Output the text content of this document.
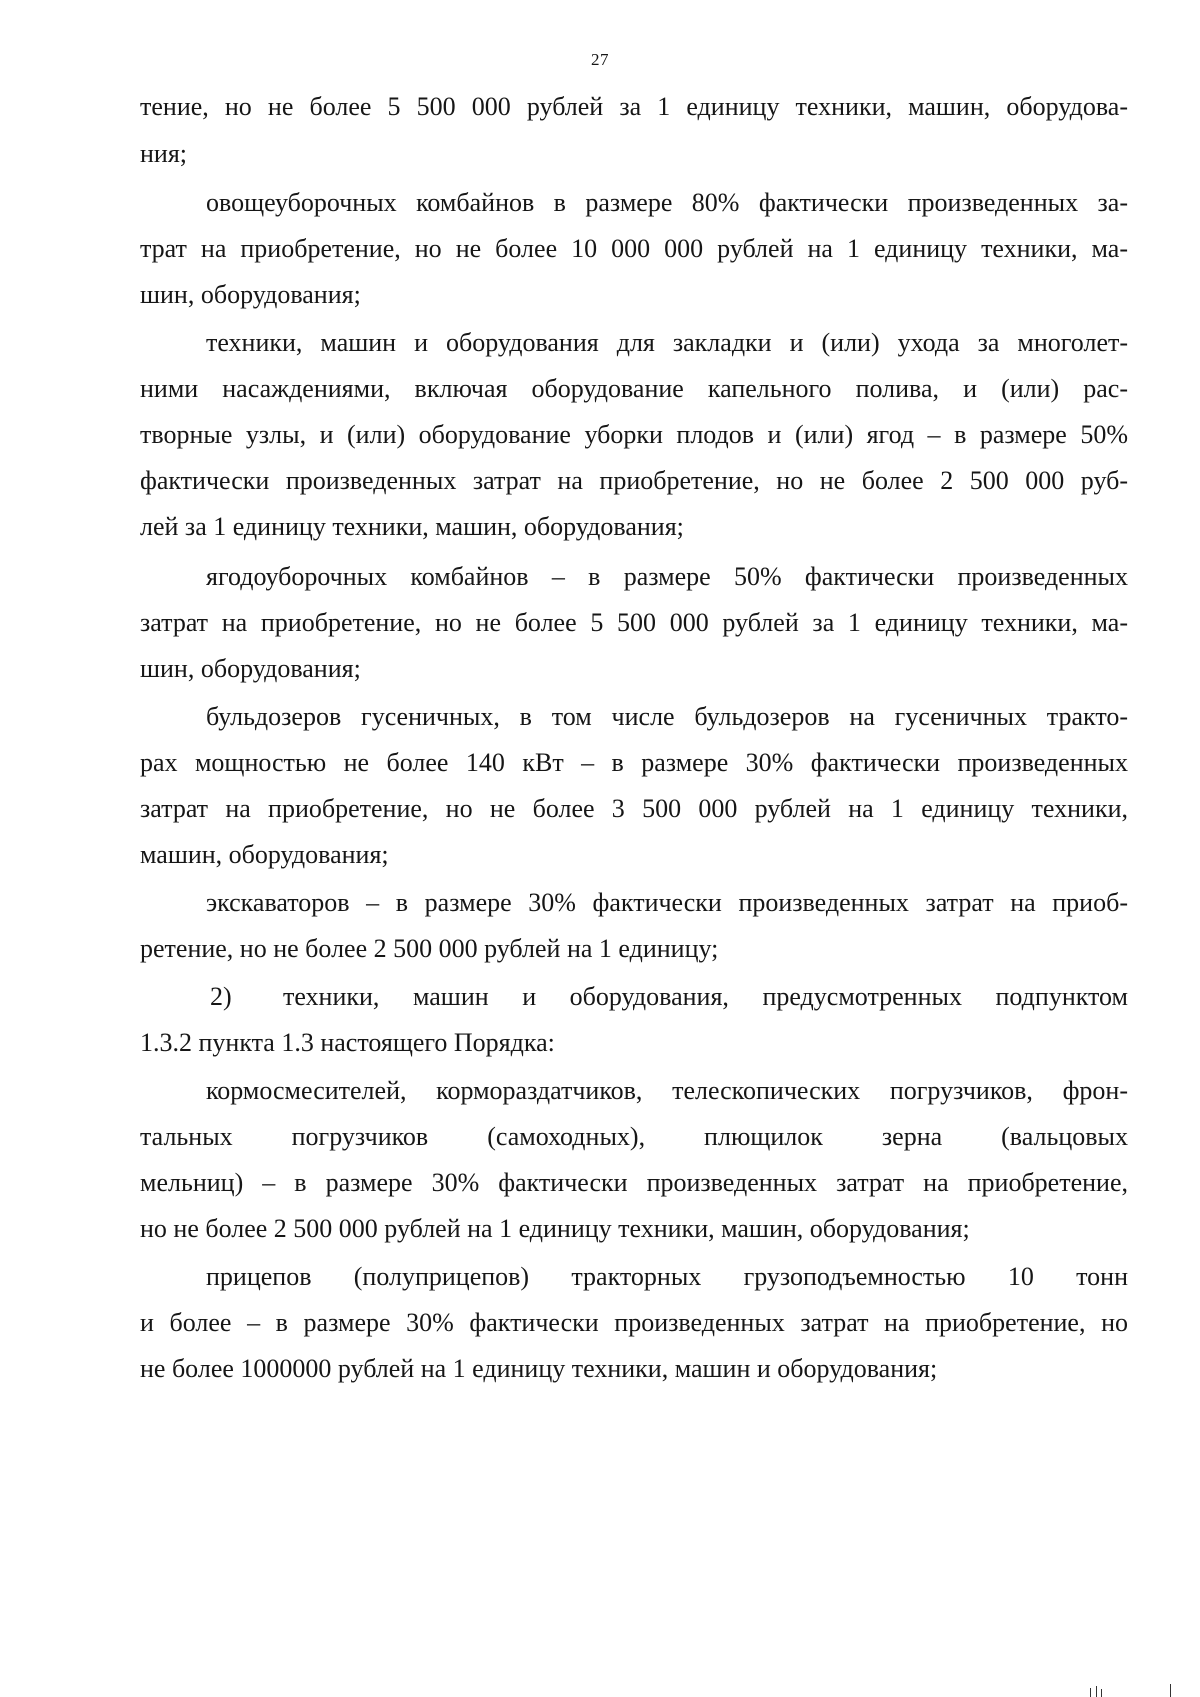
27
тение, но не более 5 500 000 рублей за 1 единицу техники, машин, оборудова-
ния;
овощеуборочных комбайнов в размере 80% фактически произведенных за-
трат на приобретение, но не более 10 000 000 рублей на 1 единицу техники, ма-
шин, оборудования;
техники, машин и оборудования для закладки и (или) ухода за многолет-
ними насаждениями, включая оборудование капельного полива, и (или) рас-
творные узлы, и (или) оборудование уборки плодов и (или) ягод – в размере 50%
фактически произведенных затрат на приобретение, но не более 2 500 000 руб-
лей за 1 единицу техники, машин, оборудования;
ягодоуборочных комбайнов – в размере 50% фактически произведенных
затрат на приобретение, но не более 5 500 000 рублей за 1 единицу техники, ма-
шин, оборудования;
бульдозеров гусеничных, в том числе бульдозеров на гусеничных тракто-
рах мощностью не более 140 кВт – в размере 30% фактически произведенных
затрат на приобретение, но не более 3 500 000 рублей на 1 единицу техники,
машин, оборудования;
экскаваторов – в размере 30% фактически произведенных затрат на приоб-
ретение, но не более 2 500 000 рублей на 1 единицу;
2)	техники, машин и оборудования, предусмотренных подпунктом
1.3.2 пункта 1.3 настоящего Порядка:
кормосмесителей, кормораздатчиков, телескопических погрузчиков, фрон-
тальных погрузчиков (самоходных), плющилок зерна (вальцовых
мельниц) – в размере 30% фактически произведенных затрат на приобретение,
но не более 2 500 000 рублей на 1 единицу техники, машин, оборудования;
прицепов (полуприцепов) тракторных грузоподъемностью 10 тонн
и более – в размере 30% фактически произведенных затрат на приобретение, но
не более 1000000 рублей на 1 единицу техники, машин и оборудования;
